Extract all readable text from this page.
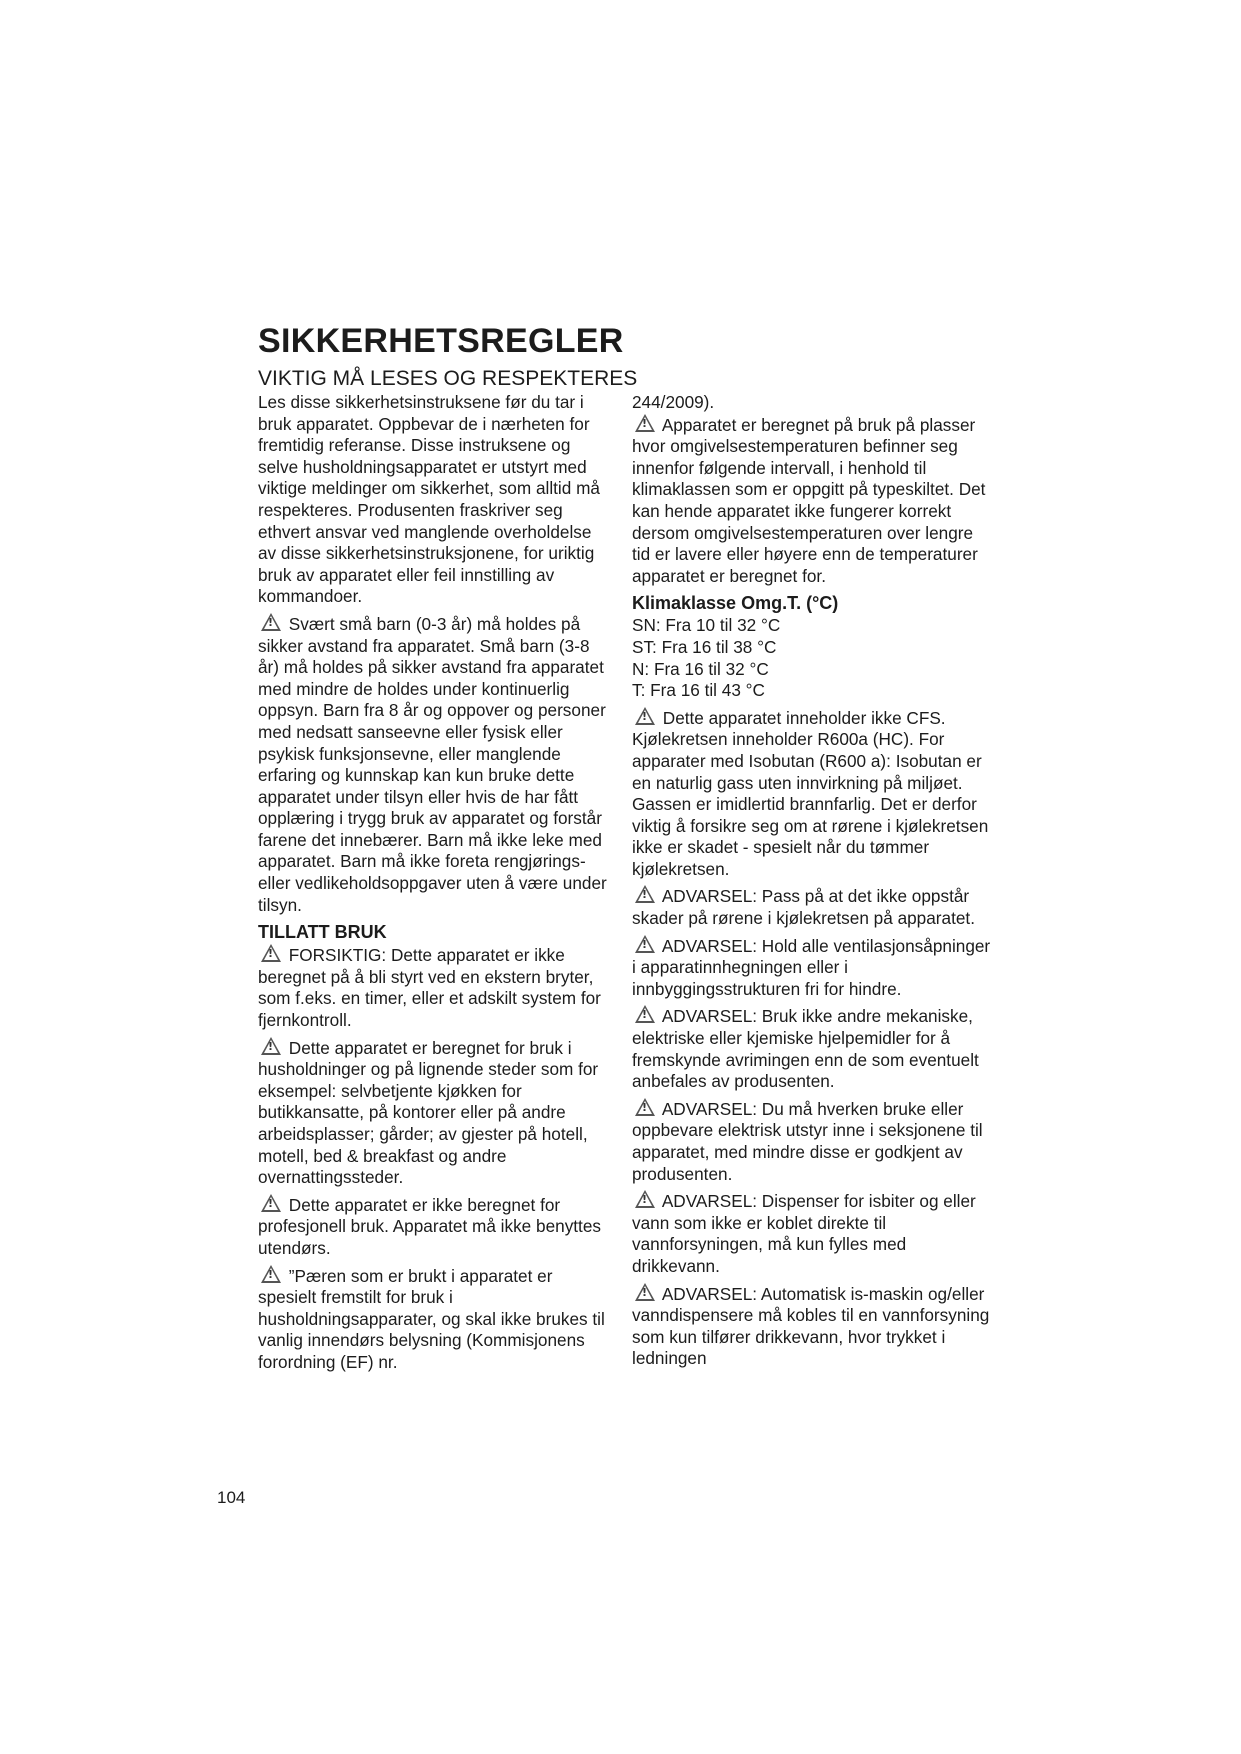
SIKKERHETSREGLER
VIKTIG MÅ LESES OG RESPEKTERES

Les disse sikkerhetsinstruksene før du tar i bruk apparatet. Oppbevar de i nærheten for fremtidig referanse. Disse instruksene og selve husholdningsapparatet er utstyrt med viktige meldinger om sikkerhet, som alltid må respekteres. Produsenten fraskriver seg ethvert ansvar ved manglende overholdelse av disse sikkerhetsinstruksjonene, for uriktig bruk av apparatet eller feil innstilling av kommandoer.

! Svært små barn (0-3 år) må holdes på sikker avstand fra apparatet. Små barn (3-8 år) må holdes på sikker avstand fra apparatet med mindre de holdes under kontinuerlig oppsyn. Barn fra 8 år og oppover og personer med nedsatt sanseevne eller fysisk eller psykisk funksjonsevne, eller manglende erfaring og kunnskap kan kun bruke dette apparatet under tilsyn eller hvis de har fått opplæring i trygg bruk av apparatet og forstår farene det innebærer. Barn må ikke leke med apparatet. Barn må ikke foreta rengjørings- eller vedlikeholdsoppgaver uten å være under tilsyn.

TILLATT BRUK

! FORSIKTIG: Dette apparatet er ikke beregnet på å bli styrt ved en ekstern bryter, som f.eks. en timer, eller et adskilt system for fjernkontroll.

! Dette apparatet er beregnet for bruk i husholdninger og på lignende steder som for eksempel: selvbetjente kjøkken for butikkansatte, på kontorer eller på andre arbeidsplasser; gårder; av gjester på hotell, motell, bed & breakfast og andre overnattingssteder.

! Dette apparatet er ikke beregnet for profesjonell bruk. Apparatet må ikke benyttes utendørs.

! ”Pæren som er brukt i apparatet er spesielt fremstilt for bruk i husholdningsapparater, og skal ikke brukes til vanlig innendørs belysning (Kommisjonens forordning (EF) nr.

244/2009).

! Apparatet er beregnet på bruk på plasser hvor omgivelsestemperaturen befinner seg innenfor følgende intervall, i henhold til klimaklassen som er oppgitt på typeskiltet. Det kan hende apparatet ikke fungerer korrekt dersom omgivelsestemperaturen over lengre tid er lavere eller høyere enn de temperaturer apparatet er beregnet for.

Klimaklasse Omg.T. (°C)

SN: Fra 10 til 32 °C
ST: Fra 16 til 38 °C
N: Fra 16 til 32 °C
T: Fra 16 til 43 °C

! Dette apparatet inneholder ikke CFS. Kjølekretsen inneholder R600a (HC). For apparater med Isobutan (R600 a): Isobutan er en naturlig gass uten innvirkning på miljøet. Gassen er imidlertid brannfarlig. Det er derfor viktig å forsikre seg om at rørene i kjølekretsen ikke er skadet - spesielt når du tømmer kjølekretsen.

! ADVARSEL: Pass på at det ikke oppstår skader på rørene i kjølekretsen på apparatet.

! ADVARSEL: Hold alle ventilasjonsåpninger i apparatinnhegningen eller i innbyggingsstrukturen fri for hindre.

! ADVARSEL: Bruk ikke andre mekaniske, elektriske eller kjemiske hjelpemidler for å fremskynde avrimingen enn de som eventuelt anbefales av produsenten.

! ADVARSEL: Du må hverken bruke eller oppbevare elektrisk utstyr inne i seksjonene til apparatet, med mindre disse er godkjent av produsenten.

! ADVARSEL: Dispenser for isbiter og eller vann som ikke er koblet direkte til vannforsyningen, må kun fylles med drikkevann.

! ADVARSEL: Automatisk is-maskin og/eller vanndispensere må kobles til en vannforsyning som kun tilfører drikkevann, hvor trykket i ledningen

104
